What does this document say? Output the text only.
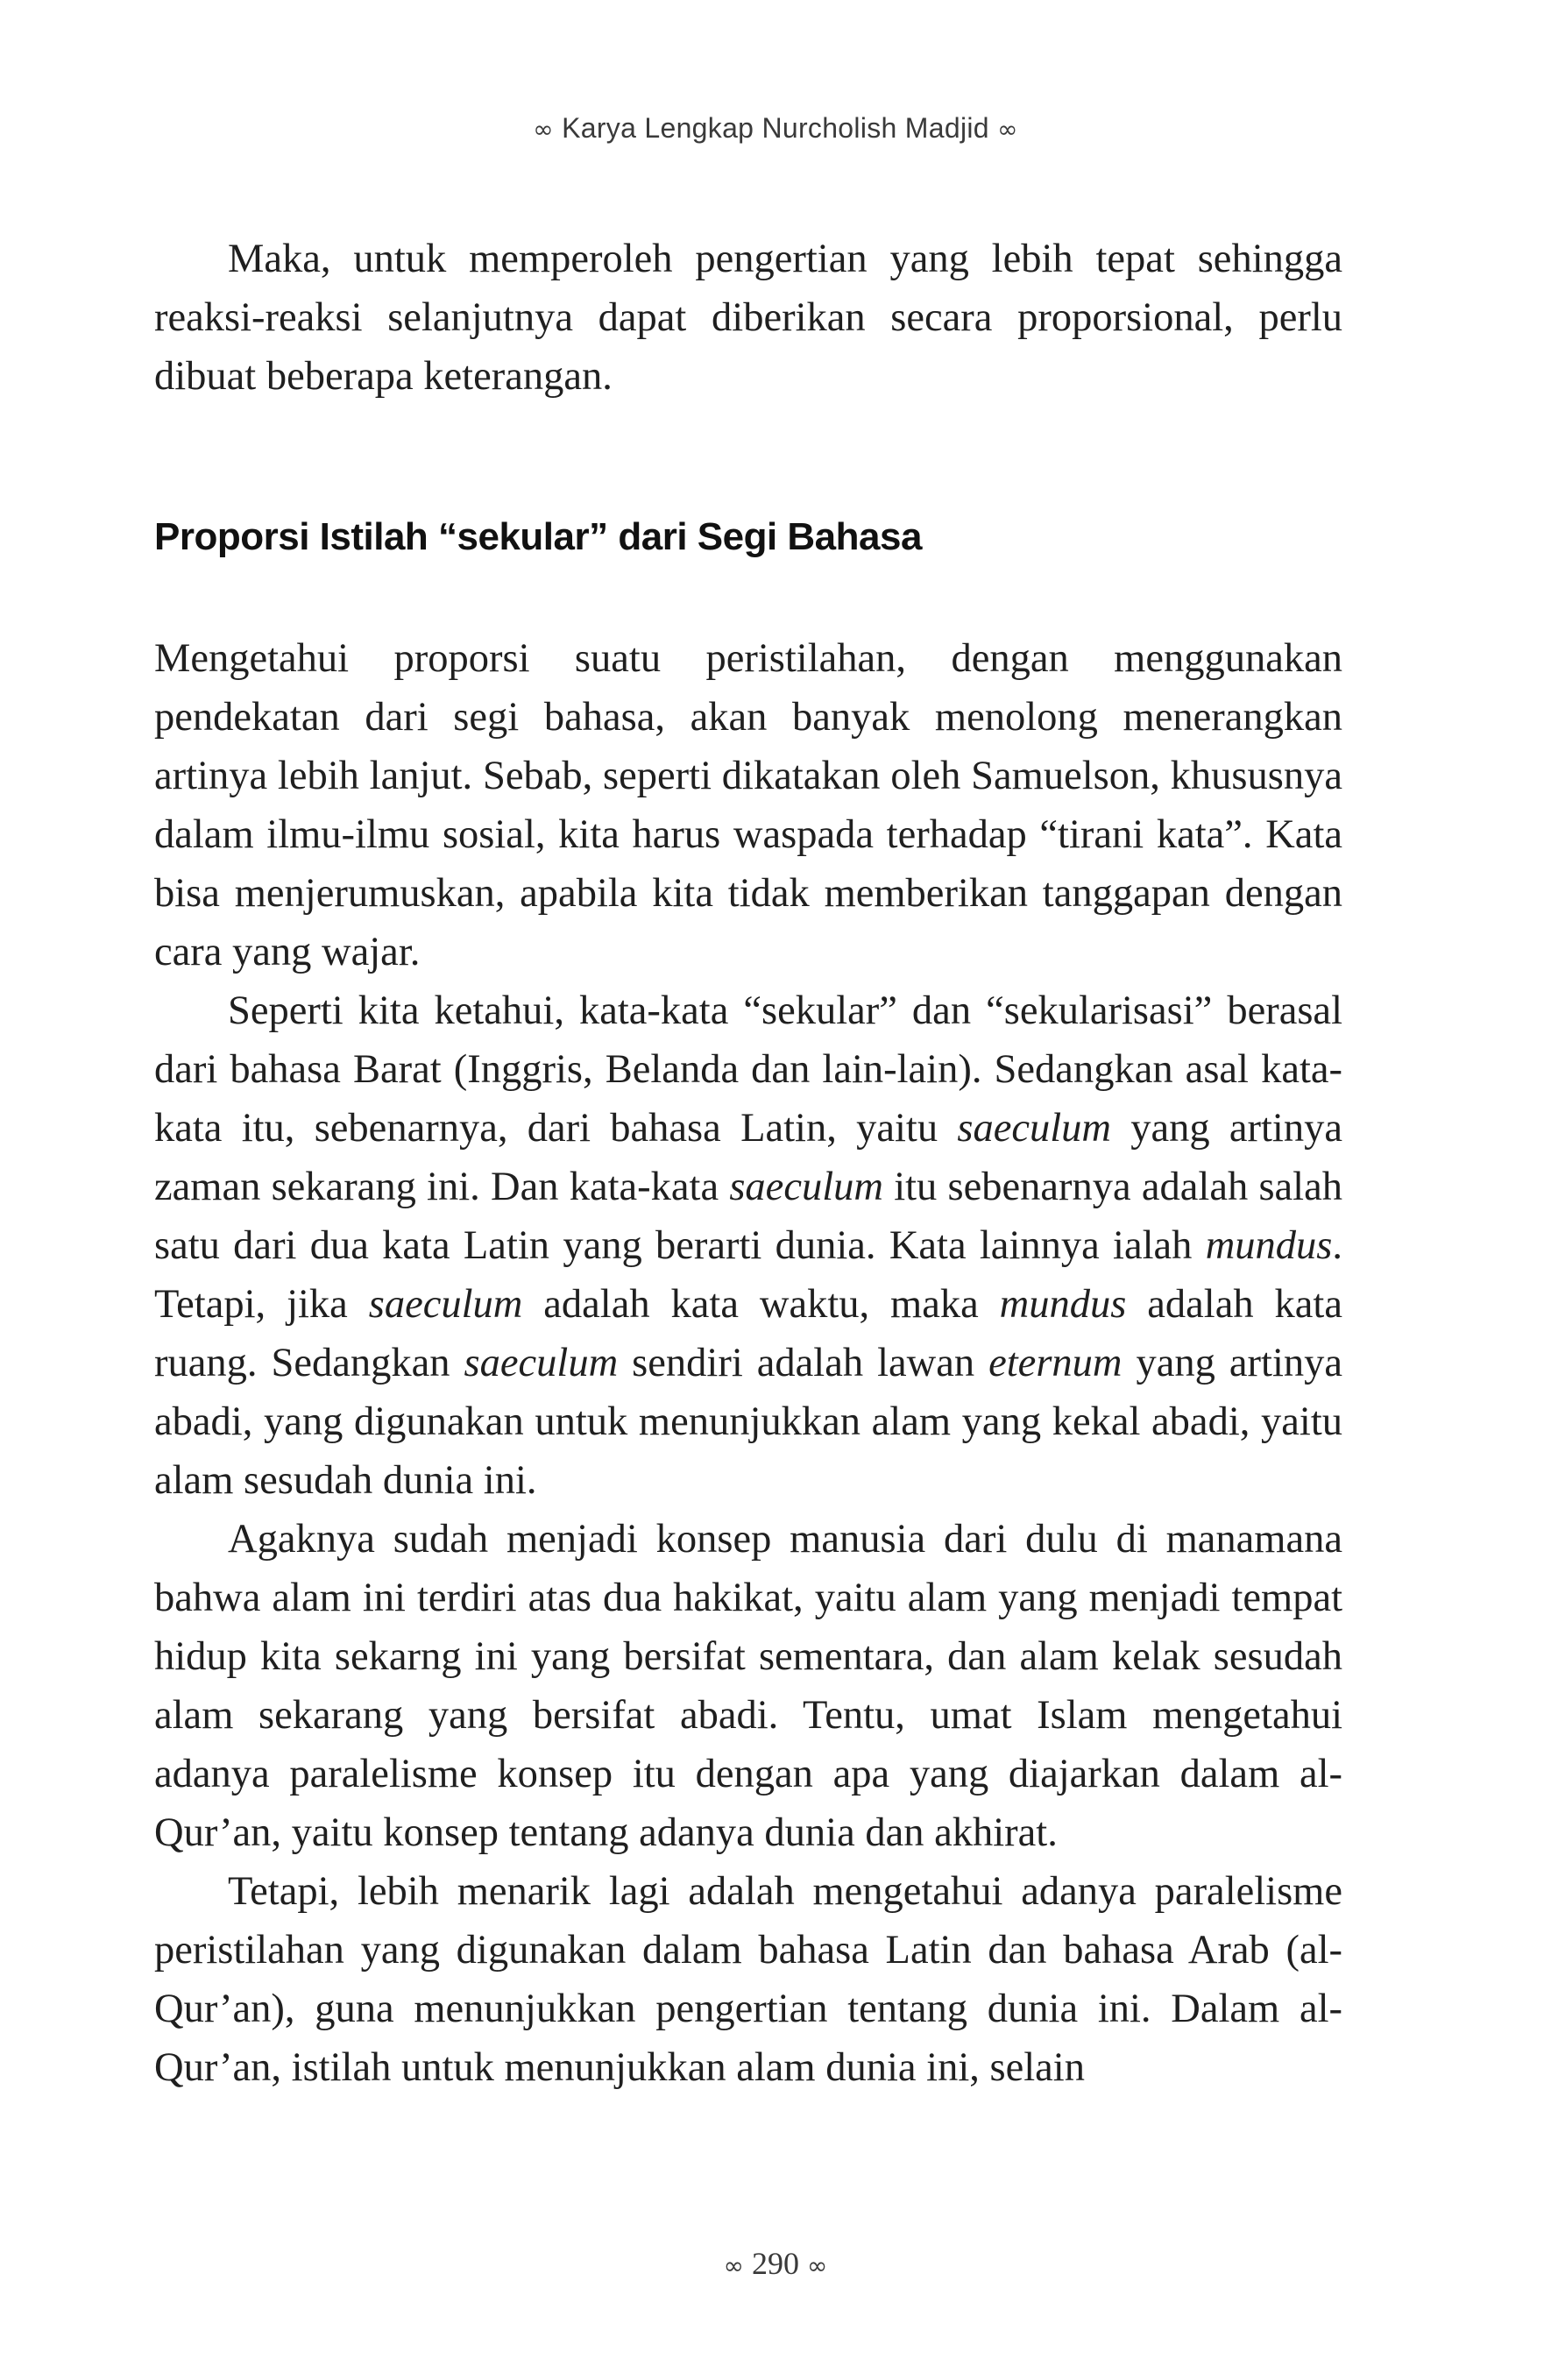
∞ Karya Lengkap Nurcholish Madjid ∞

Maka, untuk memperoleh pengertian yang lebih tepat sehingga reaksi-reaksi selanjutnya dapat diberikan secara proporsional, perlu dibuat beberapa keterangan.

Proporsi Istilah “sekular” dari Segi Bahasa

Mengetahui proporsi suatu peristilahan, dengan menggunakan pendekatan dari segi bahasa, akan banyak menolong menerangkan artinya lebih lanjut. Sebab, seperti dikatakan oleh Samuelson, khususnya dalam ilmu-ilmu sosial, kita harus waspada terhadap “tirani kata”. Kata bisa menjerumuskan, apabila kita tidak memberikan tanggapan dengan cara yang wajar.

Seperti kita ketahui, kata-kata “sekular” dan “sekularisasi” berasal dari bahasa Barat (Inggris, Belanda dan lain-lain). Sedangkan asal kata-kata itu, sebenarnya, dari bahasa Latin, yaitu saeculum yang artinya zaman sekarang ini. Dan kata-kata saeculum itu sebenarnya adalah salah satu dari dua kata Latin yang berarti dunia. Kata lainnya ialah mundus. Tetapi, jika saeculum adalah kata waktu, maka mundus adalah kata ruang. Sedangkan saeculum sendiri adalah lawan eternum yang artinya abadi, yang digunakan untuk menunjukkan alam yang kekal abadi, yaitu alam sesudah dunia ini.

Agaknya sudah menjadi konsep manusia dari dulu di manamana bahwa alam ini terdiri atas dua hakikat, yaitu alam yang menjadi tempat hidup kita sekarng ini yang bersifat sementara, dan alam kelak sesudah alam sekarang yang bersifat abadi. Tentu, umat Islam mengetahui adanya paralelisme konsep itu dengan apa yang diajarkan dalam al-Qur’an, yaitu konsep tentang adanya dunia dan akhirat.

Tetapi, lebih menarik lagi adalah mengetahui adanya paralelisme peristilahan yang digunakan dalam bahasa Latin dan bahasa Arab (al-Qur’an), guna menunjukkan pengertian tentang dunia ini. Dalam al-Qur’an, istilah untuk menunjukkan alam dunia ini, selain

∞ 290 ∞
